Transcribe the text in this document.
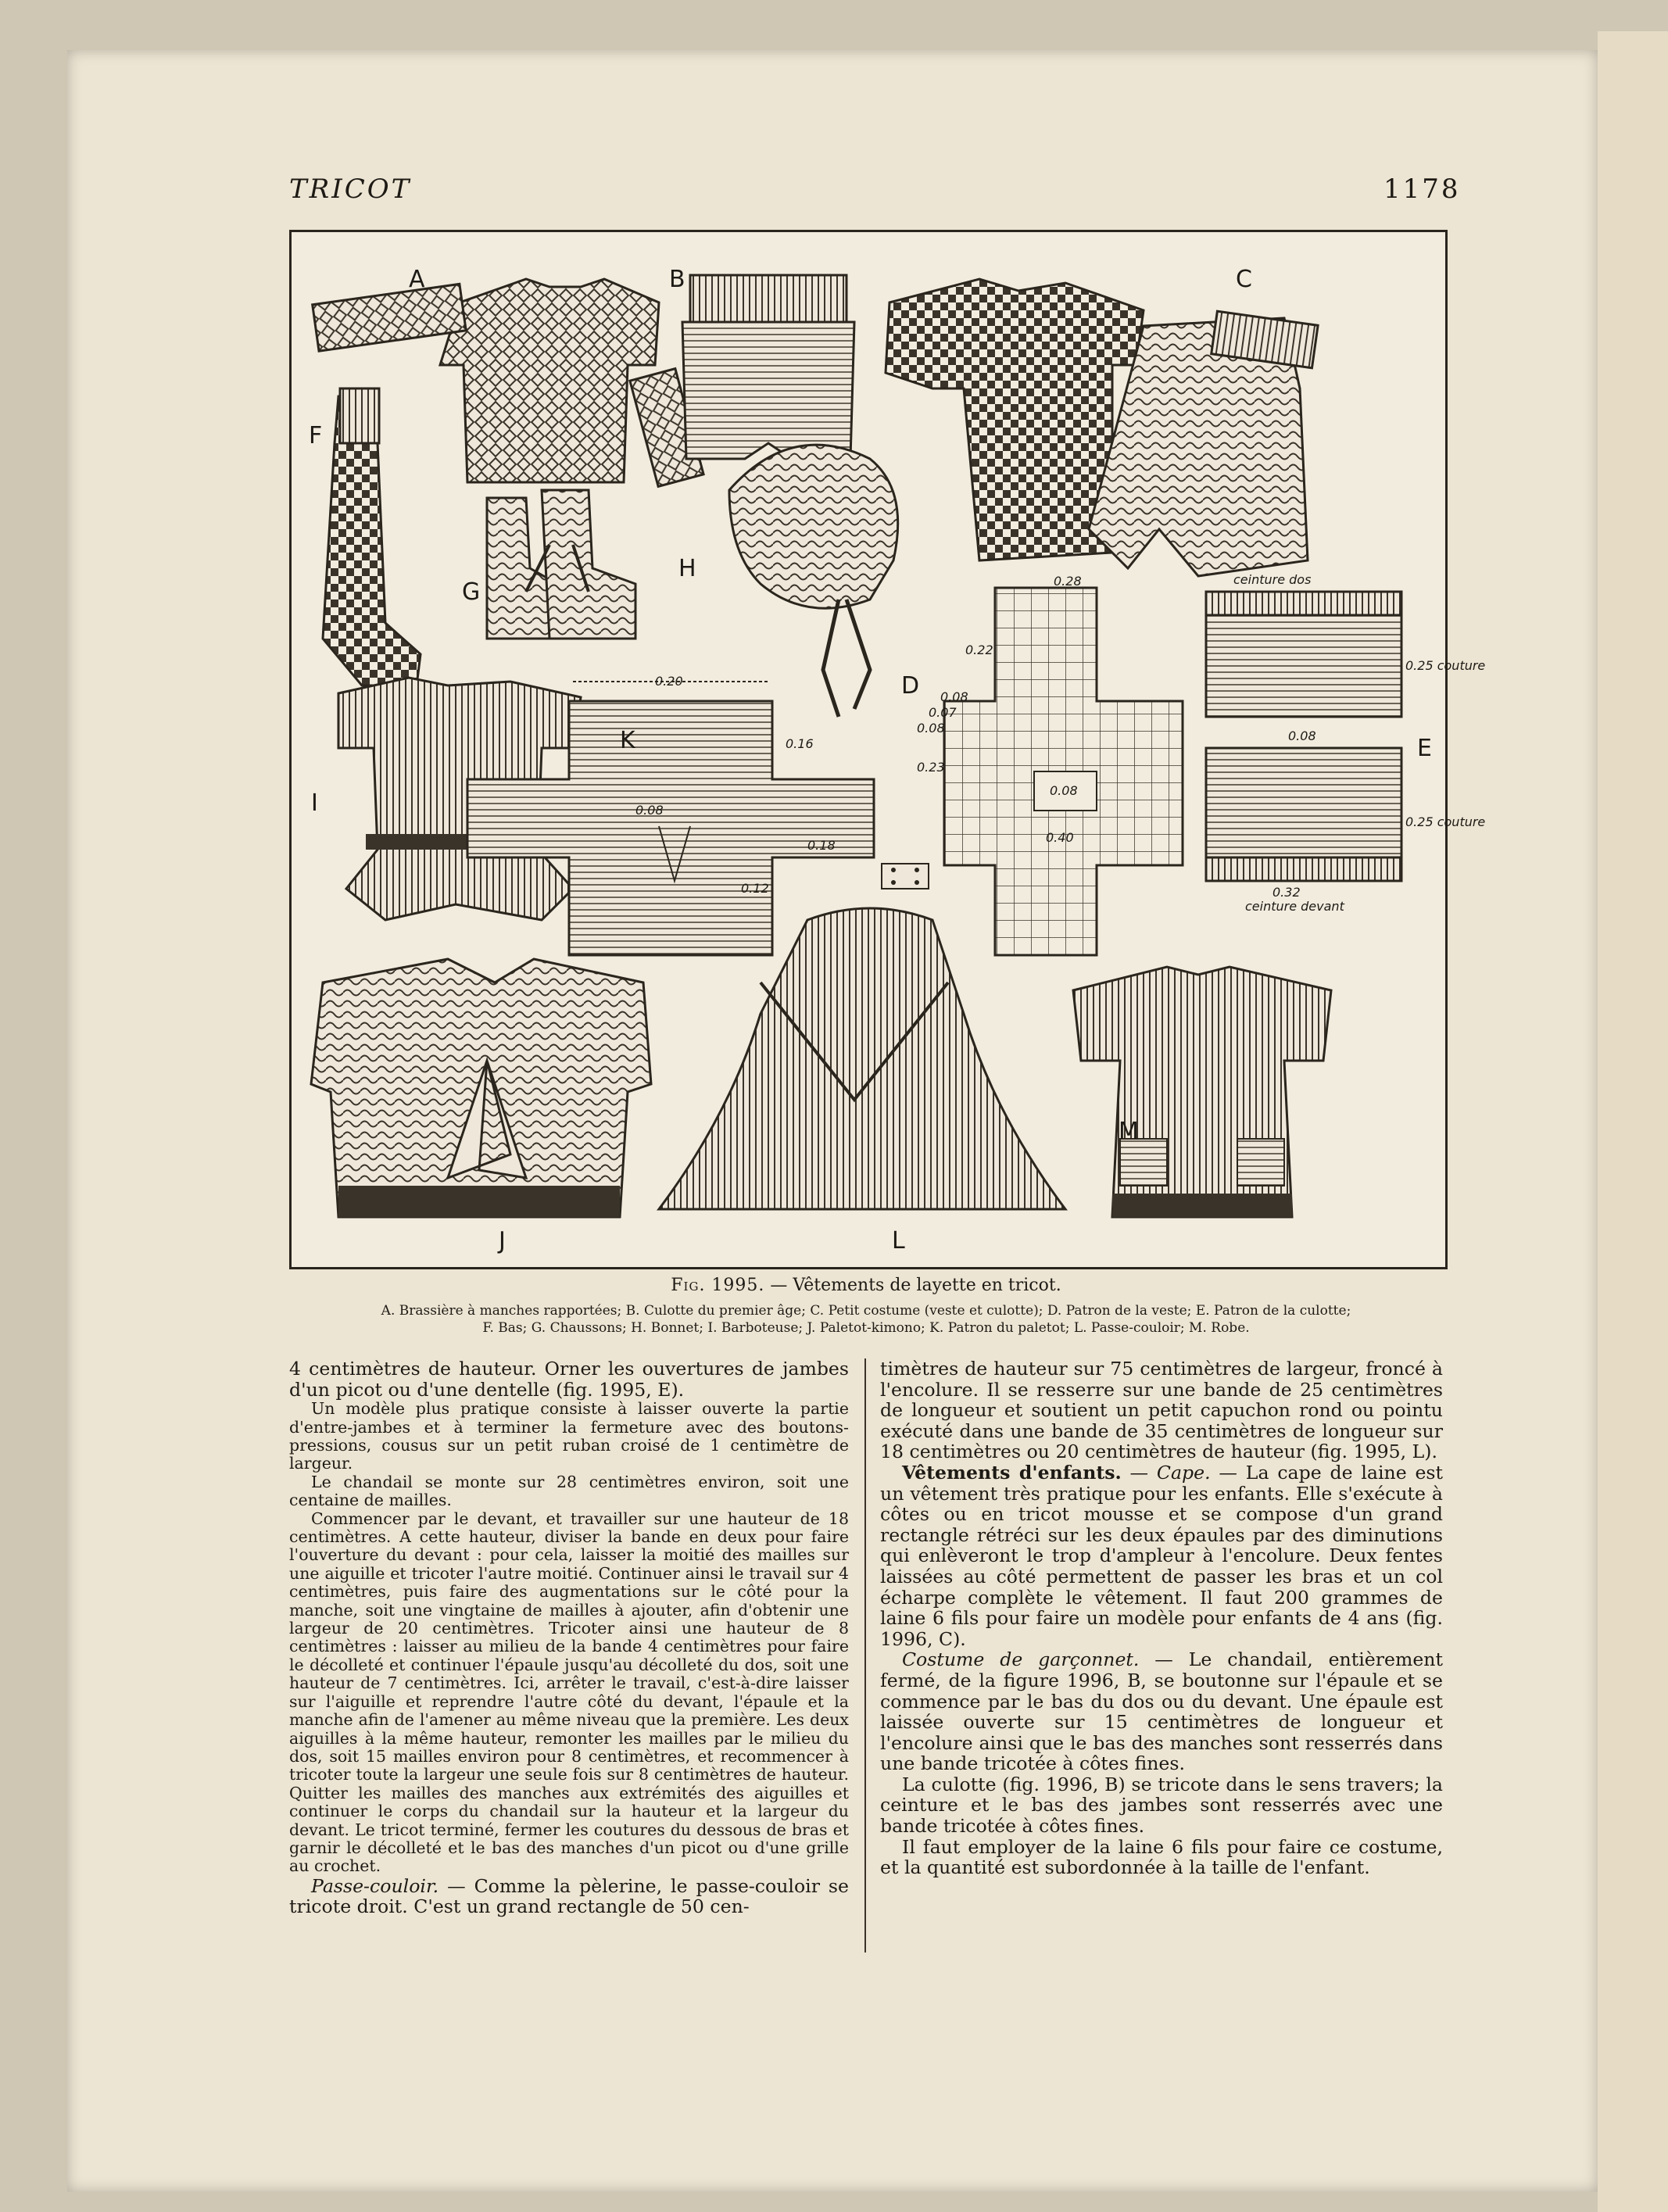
TRICOT	1178
A	B	C
F
G
H
I
0.20
0.16
0.08
0.18
0.12
K
0.28
0.22
0.08
0.40
0.23
0.08
0.07
0.08
D
ceinture dos
0.25 couture
0.08
0.25 couture
0.32
ceinture devant
E
J	L
M
Fig. 1995. — Vêtements de layette en tricot.
A. Brassière à manches rapportées; B. Culotte du premier âge; C. Petit costume (veste et culotte); D. Patron de la veste; E. Patron de la culotte;
F. Bas; G. Chaussons; H. Bonnet; I. Barboteuse; J. Paletot-kimono; K. Patron du paletot; L. Passe-couloir; M. Robe.

4 centimètres de hauteur. Orner les ouvertures de jambes d'un picot ou d'une dentelle (fig. 1995, E).

Un modèle plus pratique consiste à laisser ouverte la partie d'entre-jambes et à terminer la fermeture avec des boutons-pressions, cousus sur un petit ruban croisé de 1 centimètre de largeur.

Le chandail se monte sur 28 centimètres environ, soit une centaine de mailles.

Commencer par le devant, et travailler sur une hauteur de 18 centimètres. A cette hauteur, diviser la bande en deux pour faire l'ouverture du devant : pour cela, laisser la moitié des mailles sur une aiguille et tricoter l'autre moitié. Continuer ainsi le travail sur 4 centimètres, puis faire des augmentations sur le côté pour la manche, soit une vingtaine de mailles à ajouter, afin d'obtenir une largeur de 20 centimètres. Tricoter ainsi une hauteur de 8 centimètres : laisser au milieu de la bande 4 centimètres pour faire le décolleté et continuer l'épaule jusqu'au décolleté du dos, soit une hauteur de 7 centimètres. Ici, arrêter le travail, c'est-à-dire laisser sur l'aiguille et reprendre l'autre côté du devant, l'épaule et la manche afin de l'amener au même niveau que la première. Les deux aiguilles à la même hauteur, remonter les mailles par le milieu du dos, soit 15 mailles environ pour 8 centimètres, et recommencer à tricoter toute la largeur une seule fois sur 8 centimètres de hauteur. Quitter les mailles des manches aux extrémités des aiguilles et continuer le corps du chandail sur la hauteur et la largeur du devant. Le tricot terminé, fermer les coutures du dessous de bras et garnir le décolleté et le bas des manches d'un picot ou d'une grille au crochet.

Passe-couloir. — Comme la pèlerine, le passe-couloir se tricote droit. C'est un grand rectangle de 50 cen-

timètres de hauteur sur 75 centimètres de largeur, froncé à l'encolure. Il se resserre sur une bande de 25 centimètres de longueur et soutient un petit capuchon rond ou pointu exécuté dans une bande de 35 centimètres de longueur sur 18 centimètres ou 20 centimètres de hauteur (fig. 1995, L).

Vêtements d'enfants. — Cape. — La cape de laine est un vêtement très pratique pour les enfants. Elle s'exécute à côtes ou en tricot mousse et se compose d'un grand rectangle rétréci sur les deux épaules par des diminutions qui enlèveront le trop d'ampleur à l'encolure. Deux fentes laissées au côté permettent de passer les bras et un col écharpe complète le vêtement. Il faut 200 grammes de laine 6 fils pour faire un modèle pour enfants de 4 ans (fig. 1996, C).

Costume de garçonnet. — Le chandail, entièrement fermé, de la figure 1996, B, se boutonne sur l'épaule et se commence par le bas du dos ou du devant. Une épaule est laissée ouverte sur 15 centimètres de longueur et l'encolure ainsi que le bas des manches sont resserrés dans une bande tricotée à côtes fines.

La culotte (fig. 1996, B) se tricote dans le sens travers; la ceinture et le bas des jambes sont resserrés avec une bande tricotée à côtes fines.

Il faut employer de la laine 6 fils pour faire ce costume, et la quantité est subordonnée à la taille de l'enfant.
